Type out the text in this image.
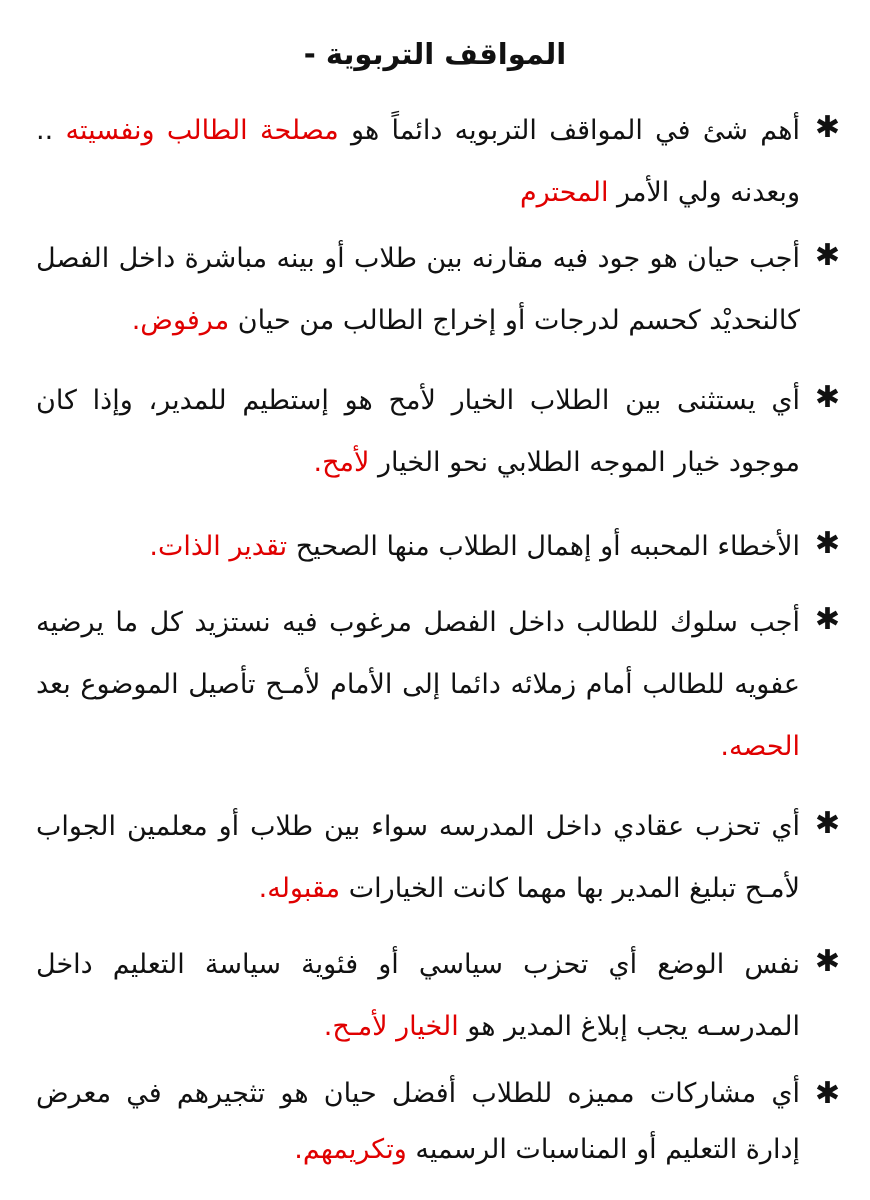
المواقف التربوية -
✱
أهم شئ في المواقف التربويه دائماً هو مصلحة الطالب ونفسيته .. وبعدنه ولي الأمر المحترم
✱
أجب حيان هو جود فيه مقارنه بين طلاب أو بينه مباشرة داخل الفصل كالنحديْد كحسم لدرجات أو إخراج الطالب من حيان مرفوض.
✱
أي يستثنى بين الطلاب الخيار لأمح هو إستطيم للمدير، وإذا كان موجود خيار الموجه الطلابي نحو الخيار لأمح.
✱
الأخطاء المحببه أو إهمال الطلاب منها الصحيح تقدير الذات.
✱
أجب سلوك للطالب داخل الفصل مرغوب فيه نستزيد كل ما يرضيه عفويه للطالب أمام زملائه دائما إلى الأمام لأمـح تأصيل الموضوع بعد الحصه.
✱
أي تحزب عقادي داخل المدرسه سواء بين طلاب أو معلمين الجواب لأمـح تبليغ المدير بها مهما كانت الخيارات مقبوله.
✱
نفس الوضع أي تحزب سياسي أو فئوية سياسة التعليم داخل المدرسـه يجب إبلاغ المدير هو الخيار لأمـح.
✱
أي مشاركات مميزه للطلاب أفضل حيان هو تثجيرهم في معرض إدارة التعليم أو المناسبات الرسميه وتكريمهم.
